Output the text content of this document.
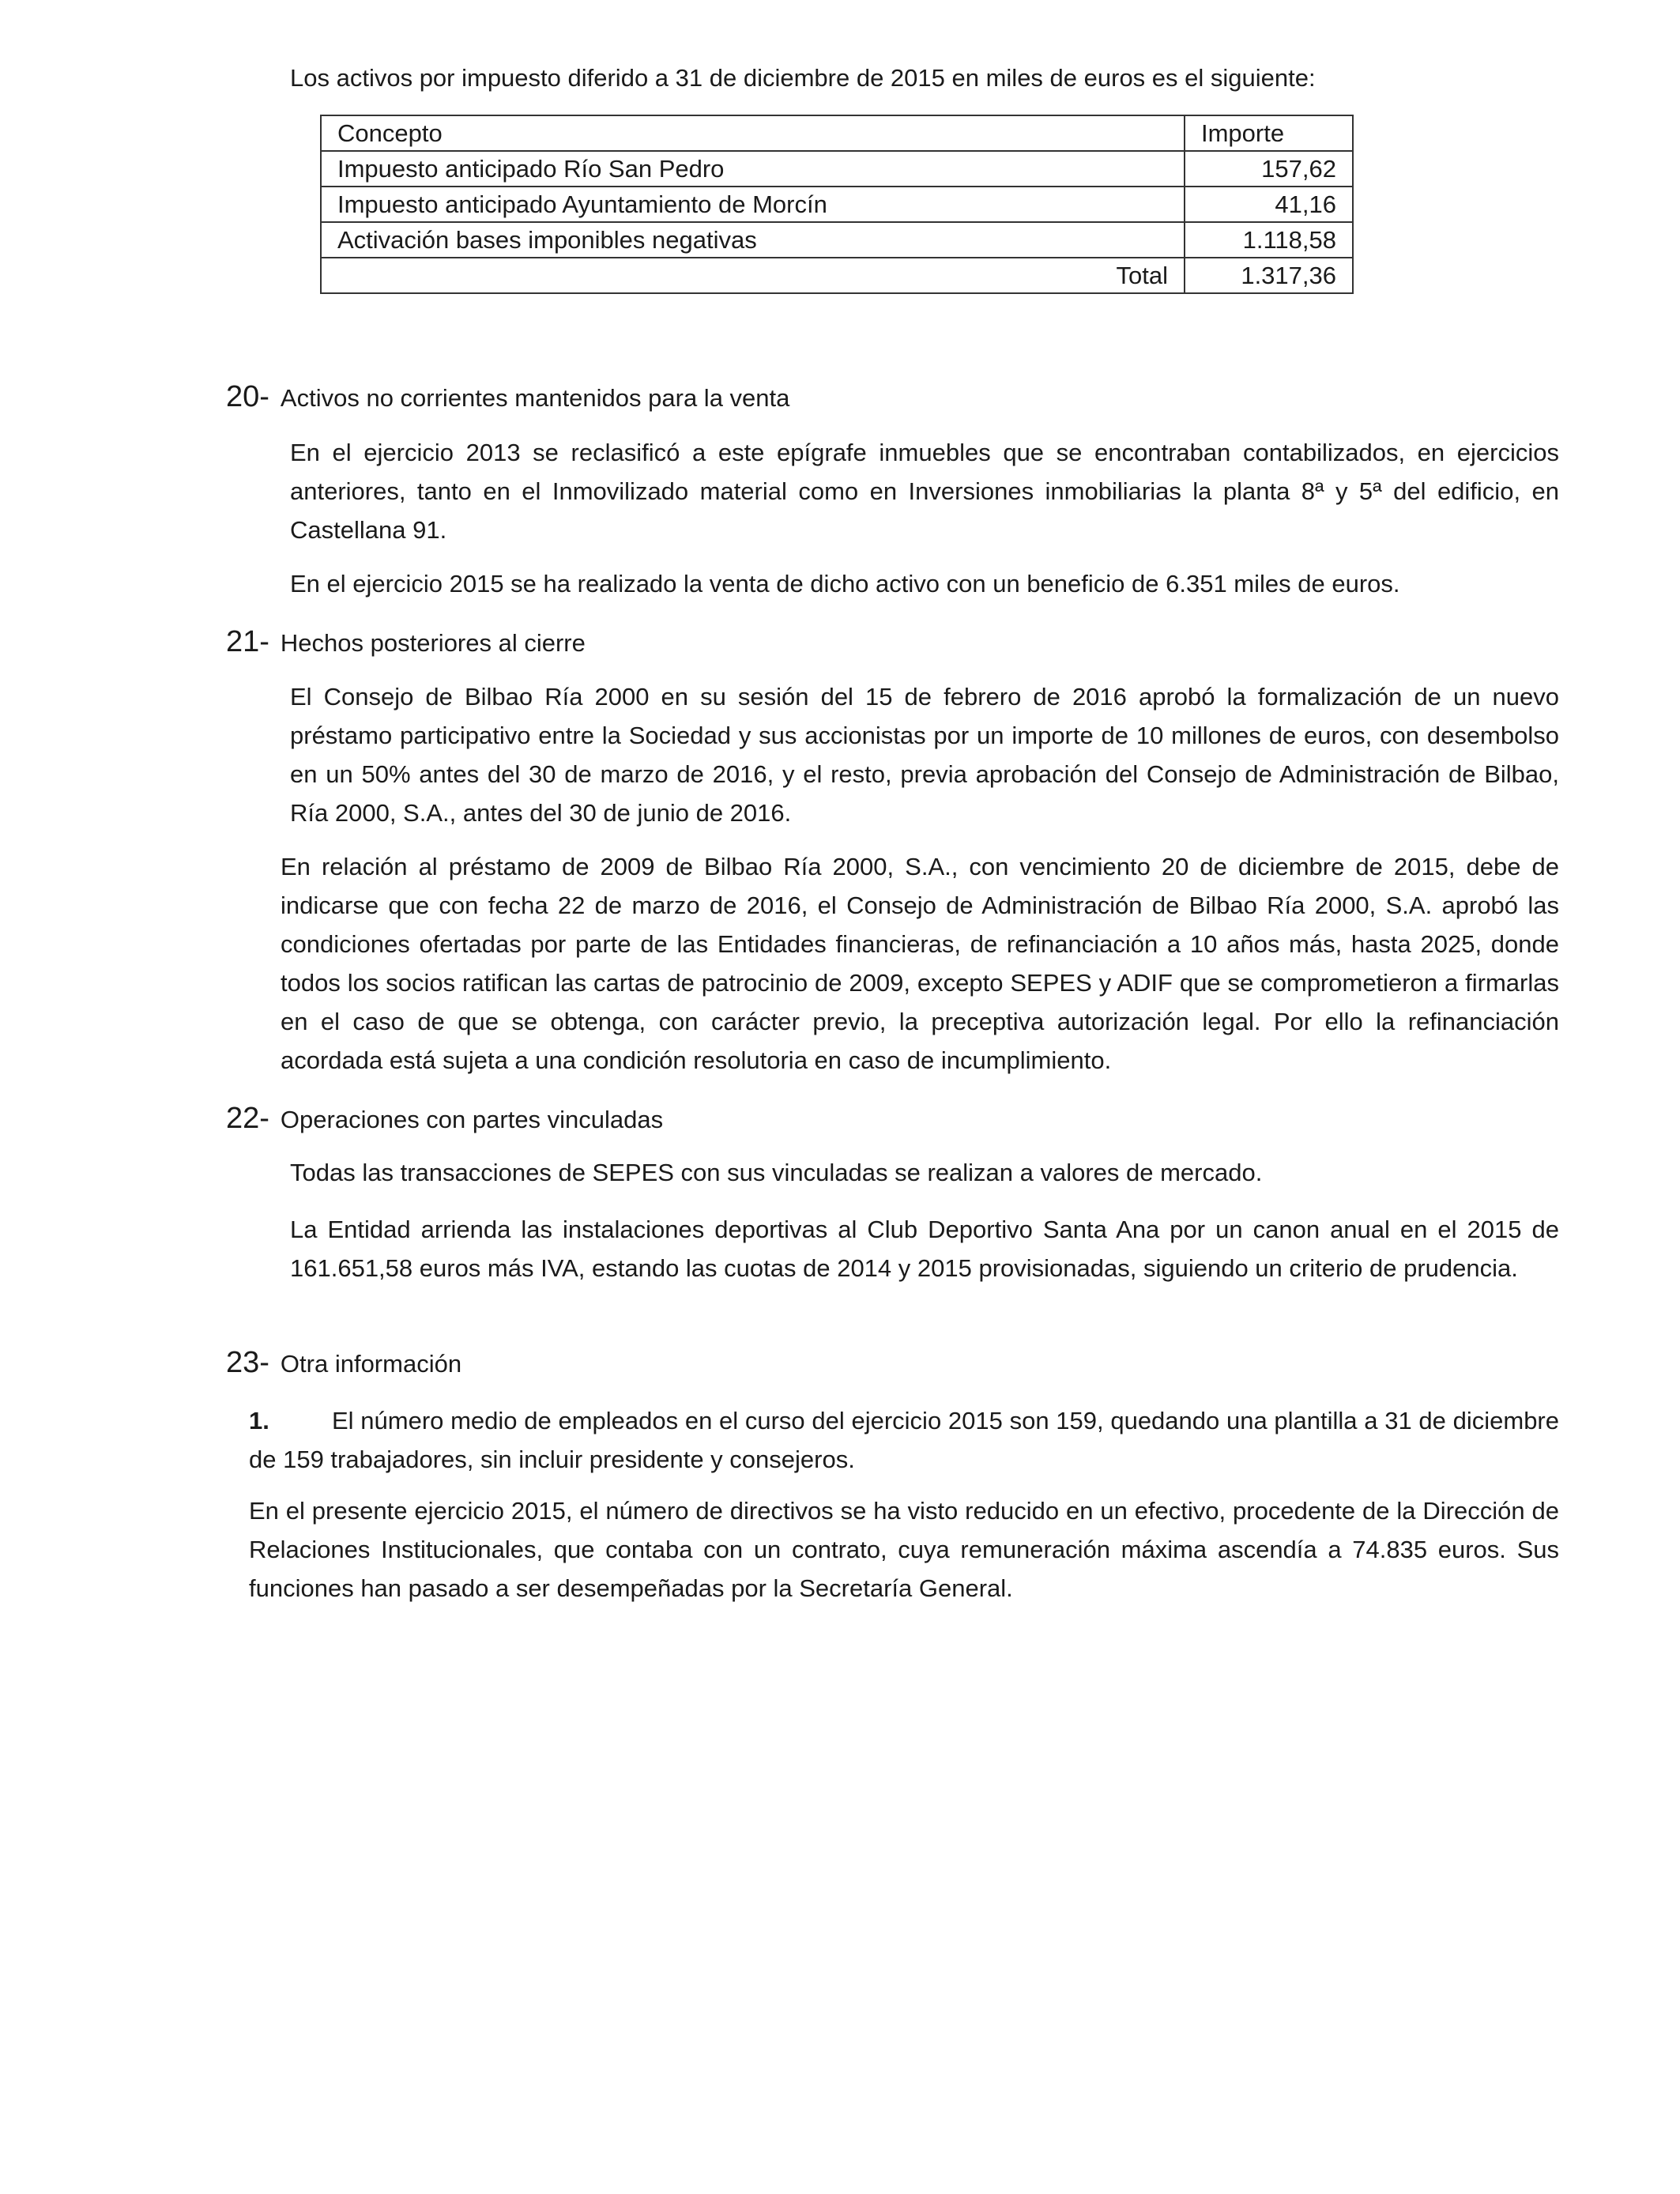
Los activos por impuesto diferido a 31 de diciembre de 2015 en miles de euros es el siguiente:

Concepto	Importe
Impuesto anticipado Río San Pedro	157,62
Impuesto anticipado Ayuntamiento de Morcín	41,16
Activación bases imponibles negativas	1.118,58
Total	1.317,36
20- Activos no corrientes mantenidos para la venta

En el ejercicio 2013 se reclasificó a este epígrafe inmuebles que se encontraban contabilizados, en ejercicios anteriores, tanto en el Inmovilizado material como en Inversiones inmobiliarias la planta 8ª y 5ª del edificio, en Castellana 91.

En el ejercicio 2015 se ha realizado la venta de dicho activo con un beneficio de 6.351 miles de euros.

21- Hechos posteriores al cierre

El Consejo de Bilbao Ría 2000 en su sesión del 15 de febrero de 2016 aprobó la formalización de un nuevo préstamo participativo entre la Sociedad y sus accionistas por un importe de 10 millones de euros, con desembolso en un 50% antes del 30 de marzo de 2016, y el resto, previa aprobación del Consejo de Administración de Bilbao, Ría 2000, S.A., antes del 30 de junio de 2016.

En relación al préstamo de 2009 de Bilbao Ría 2000, S.A., con vencimiento 20 de diciembre de 2015, debe de indicarse que con fecha 22 de marzo de 2016, el Consejo de Administración de Bilbao Ría 2000, S.A. aprobó las condiciones ofertadas por parte de las Entidades financieras, de refinanciación a 10 años más, hasta 2025, donde todos los socios ratifican las cartas de patrocinio de 2009, excepto SEPES y ADIF que se comprometieron a firmarlas en el caso de que se obtenga, con carácter previo, la preceptiva autorización legal. Por ello la refinanciación acordada está sujeta a una condición resolutoria en caso de incumplimiento.

22- Operaciones con partes vinculadas

Todas las transacciones de SEPES con sus vinculadas se realizan a valores de mercado.

La Entidad arrienda las instalaciones deportivas al Club Deportivo Santa Ana por un canon anual en el 2015 de 161.651,58 euros más IVA, estando las cuotas de 2014 y 2015 provisionadas, siguiendo un criterio de prudencia.

23- Otra información

1.	El número medio de empleados en el curso del ejercicio 2015 son 159, quedando una plantilla a 31 de diciembre de 159 trabajadores, sin incluir presidente y consejeros.

En el presente ejercicio 2015, el número de directivos se ha visto reducido en un efectivo, procedente de la Dirección de Relaciones Institucionales, que contaba con un contrato, cuya remuneración máxima ascendía a 74.835 euros. Sus funciones han pasado a ser desempeñadas por la Secretaría General.
